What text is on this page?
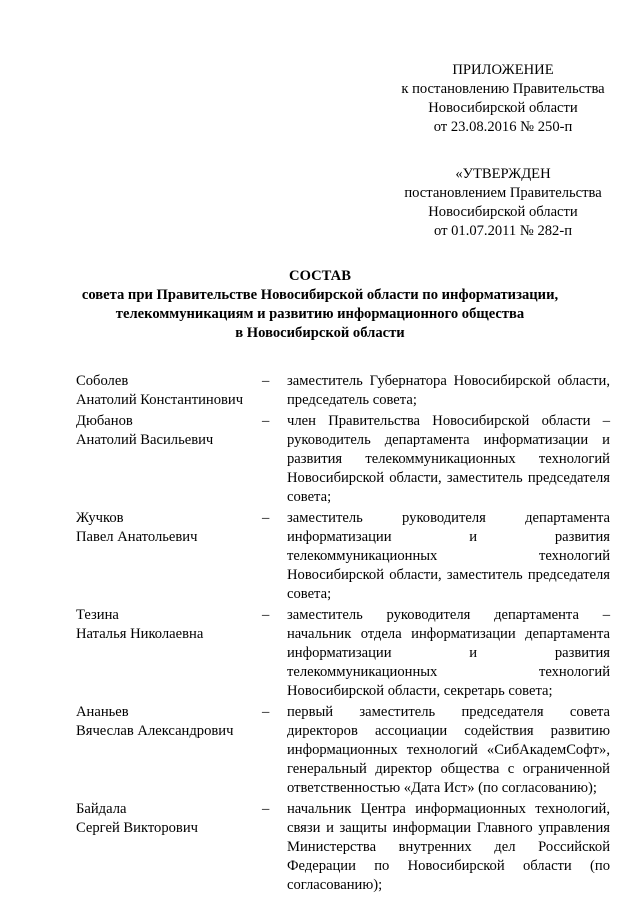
ПРИЛОЖЕНИЕ
к постановлению Правительства
Новосибирской области
от 23.08.2016 № 250-п
«УТВЕРЖДЕН
постановлением Правительства
Новосибирской области
от 01.07.2011 № 282-п
СОСТАВ
совета при Правительстве Новосибирской области по информатизации,
телекоммуникациям и развитию информационного общества
в Новосибирской области
Соболев
Анатолий Константинович
–	заместитель Губернатора Новосибирской области, председатель совета;
Дюбанов
Анатолий Васильевич
–	член Правительства Новосибирской области – руководитель департамента информатизации и развития телекоммуникационных технологий Новосибирской области, заместитель председателя совета;
Жучков
Павел Анатольевич
–	заместитель руководителя департамента информатизации и развития телекоммуникационных технологий Новосибирской области, заместитель председателя совета;
Тезина
Наталья Николаевна
–	заместитель руководителя департамента – начальник отдела информатизации департамента информатизации и развития телекоммуникационных технологий Новосибирской области, секретарь совета;
Ананьев
Вячеслав Александрович
–	первый заместитель председателя совета директоров ассоциации содействия развитию информационных технологий «СибАкадемСофт», генеральный директор общества с ограниченной ответственностью «Дата Ист» (по согласованию);
Байдала
Сергей Викторович
–	начальник Центра информационных технологий, связи и защиты информации Главного управления Министерства внутренних дел Российской Федерации по Новосибирской области (по согласованию);
